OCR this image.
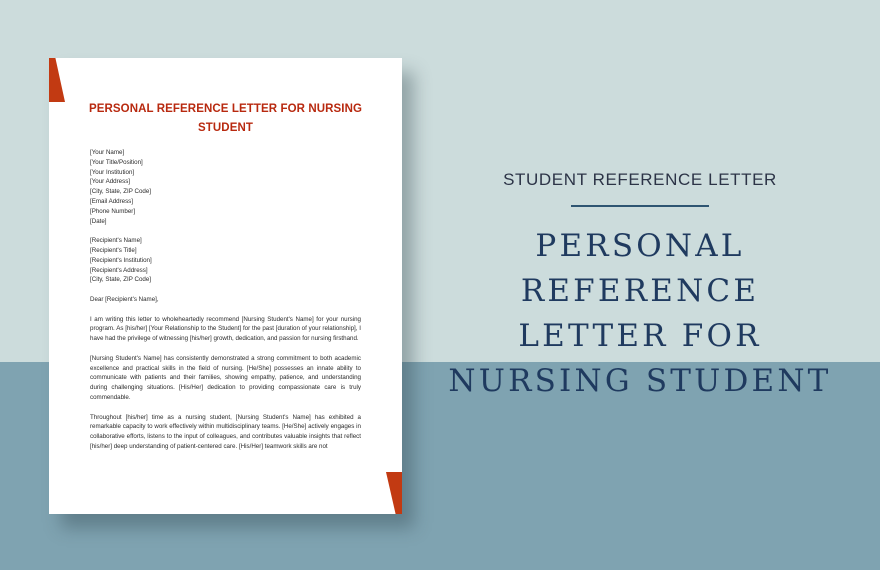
PERSONAL REFERENCE LETTER FOR NURSING
STUDENT
[Your Name]
[Your Title/Position]
[Your Institution]
[Your Address]
[City, State, ZIP Code]
[Email Address]
[Phone Number]
[Date]
[Recipient's Name]
[Recipient's Title]
[Recipient's Institution]
[Recipient's Address]
[City, State, ZIP Code]
Dear [Recipient's Name],

I am writing this letter to wholeheartedly recommend [Nursing Student's Name] for your nursing program. As [his/her] [Your Relationship to the Student] for the past [duration of your relationship], I have had the privilege of witnessing [his/her] growth, dedication, and passion for nursing firsthand.

[Nursing Student's Name] has consistently demonstrated a strong commitment to both academic excellence and practical skills in the field of nursing. [He/She] possesses an innate ability to communicate with patients and their families, showing empathy, patience, and understanding during challenging situations. [His/Her] dedication to providing compassionate care is truly commendable.

Throughout [his/her] time as a nursing student, [Nursing Student's Name] has exhibited a remarkable capacity to work effectively within multidisciplinary teams. [He/She] actively engages in collaborative efforts, listens to the input of colleagues, and contributes valuable insights that reflect [his/her] deep understanding of patient-centered care. [His/Her] teamwork skills are not

STUDENT REFERENCE LETTER
PERSONAL REFERENCE
LETTER FOR
NURSING STUDENT
